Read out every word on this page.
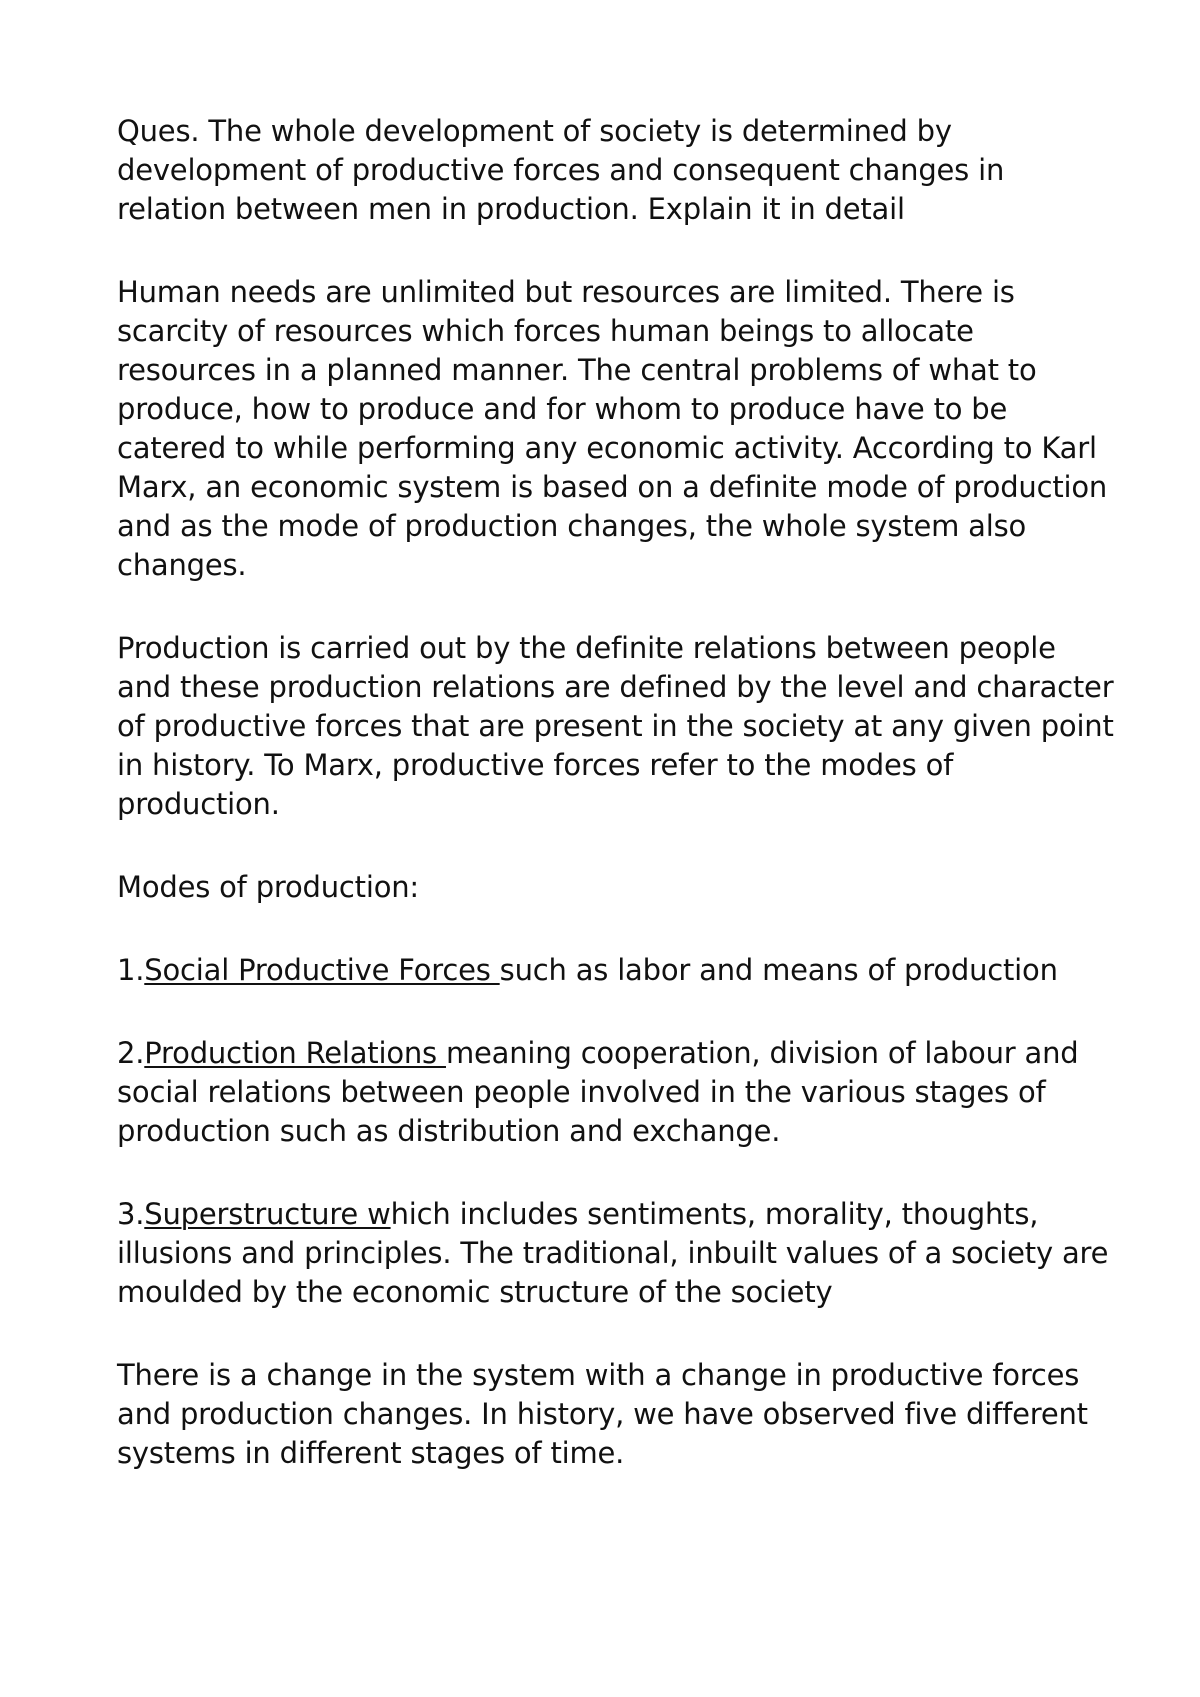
Ques. The whole development of society is determined by development of productive forces and consequent changes in relation between men in production. Explain it in detail

Human needs are unlimited but resources are limited. There is scarcity of resources which forces human beings to allocate resources in a planned manner. The central problems of what to produce, how to produce and for whom to produce have to be catered to while performing any economic activity. According to Karl Marx, an economic system is based on a definite mode of production and as the mode of production changes, the whole system also changes.

Production is carried out by the definite relations between people and these production relations are defined by the level and character of productive forces that are present in the society at any given point in history. To Marx, productive forces refer to the modes of production.

Modes of production:

1.Social Productive Forces such as labor and means of production

2.Production Relations meaning cooperation, division of labour and social relations between people involved in the various stages of production such as distribution and exchange.

3.Superstructure which includes sentiments, morality, thoughts, illusions and principles. The traditional, inbuilt values of a society are moulded by the economic structure of the society

There is a change in the system with a change in productive forces and production changes. In history, we have observed five different systems in different stages of time.
